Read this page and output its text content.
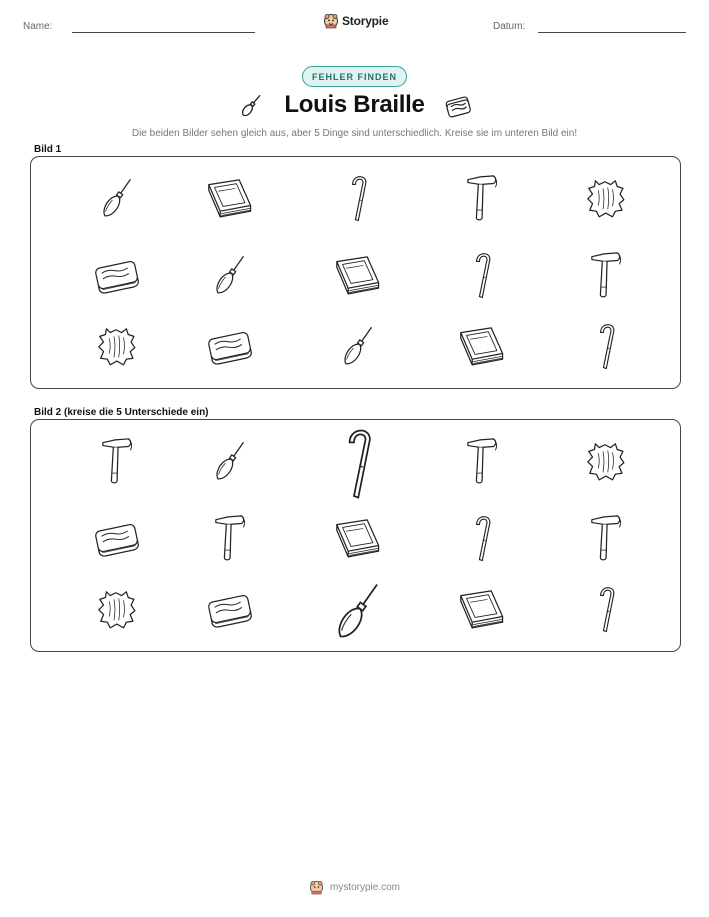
Name:	Storypie	Datum:
FEHLER FINDEN
Louis Braille
Die beiden Bilder sehen gleich aus, aber 5 Dinge sind unterschiedlich. Kreise sie im unteren Bild ein!
Bild 1
Bild 2 (kreise die 5 Unterschiede ein)
mystorypie.com
